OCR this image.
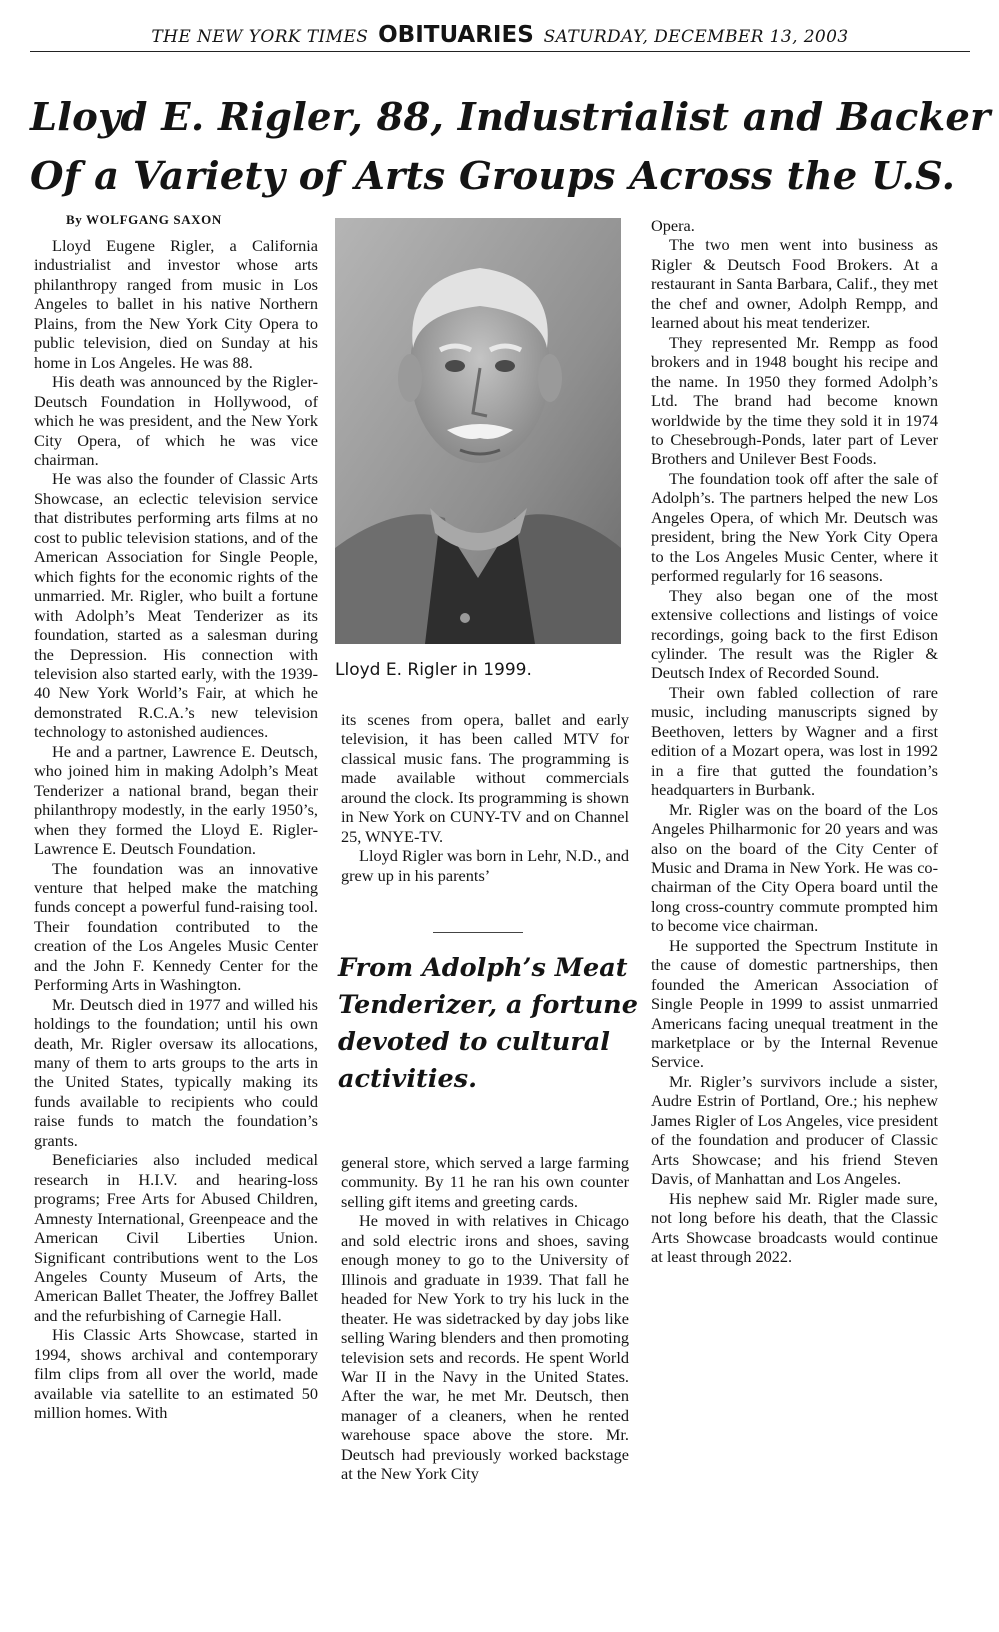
THE NEW YORK TIMES OBITUARIES SATURDAY, DECEMBER 13, 2003
Lloyd E. Rigler, 88, Industrialist and Backer
Of a Variety of Arts Groups Across the U.S.
By WOLFGANG SAXON

Lloyd Eugene Rigler, a California industrialist and investor whose arts philanthropy ranged from music in Los Angeles to ballet in his native Northern Plains, from the New York City Opera to public television, died on Sunday at his home in Los Angeles. He was 88.

His death was announced by the Rigler-Deutsch Foundation in Hollywood, of which he was president, and the New York City Opera, of which he was vice chairman.

He was also the founder of Classic Arts Showcase, an eclectic television service that distributes performing arts films at no cost to public television stations, and of the American Association for Single People, which fights for the economic rights of the unmarried. Mr. Rigler, who built a fortune with Adolph’s Meat Tenderizer as its foundation, started as a salesman during the Depression. His connection with television also started early, with the 1939-40 New York World’s Fair, at which he demonstrated R.C.A.’s new television technology to astonished audiences.

He and a partner, Lawrence E. Deutsch, who joined him in making Adolph’s Meat Tenderizer a national brand, began their philanthropy modestly, in the early 1950’s, when they formed the Lloyd E. Rigler-Lawrence E. Deutsch Foundation.

The foundation was an innovative venture that helped make the matching funds concept a powerful fund-raising tool. Their foundation contributed to the creation of the Los Angeles Music Center and the John F. Kennedy Center for the Performing Arts in Washington.

Mr. Deutsch died in 1977 and willed his holdings to the foundation; until his own death, Mr. Rigler oversaw its allocations, many of them to arts groups to the arts in the United States, typically making its funds available to recipients who could raise funds to match the foundation’s grants.

Beneficiaries also included medical research in H.I.V. and hearing-loss programs; Free Arts for Abused Children, Amnesty International, Greenpeace and the American Civil Liberties Union. Significant contributions went to the Los Angeles County Museum of Arts, the American Ballet Theater, the Joffrey Ballet and the refurbishing of Carnegie Hall.

His Classic Arts Showcase, started in 1994, shows archival and contemporary film clips from all over the world, made available via satellite to an estimated 50 million homes. With

Lloyd E. Rigler in 1999.

its scenes from opera, ballet and early television, it has been called MTV for classical music fans. The programming is made available without commercials around the clock. Its programming is shown in New York on CUNY-TV and on Channel 25, WNYE-TV.

Lloyd Rigler was born in Lehr, N.D., and grew up in his parents’

From Adolph’s Meat
Tenderizer, a fortune
devoted to cultural
activities.

general store, which served a large farming community. By 11 he ran his own counter selling gift items and greeting cards.

He moved in with relatives in Chicago and sold electric irons and shoes, saving enough money to go to the University of Illinois and graduate in 1939. That fall he headed for New York to try his luck in the theater. He was sidetracked by day jobs like selling Waring blenders and then promoting television sets and records. He spent World War II in the Navy in the United States. After the war, he met Mr. Deutsch, then manager of a cleaners, when he rented warehouse space above the store. Mr. Deutsch had previously worked backstage at the New York City

Opera.

The two men went into business as Rigler & Deutsch Food Brokers. At a restaurant in Santa Barbara, Calif., they met the chef and owner, Adolph Rempp, and learned about his meat tenderizer.

They represented Mr. Rempp as food brokers and in 1948 bought his recipe and the name. In 1950 they formed Adolph’s Ltd. The brand had become known worldwide by the time they sold it in 1974 to Chesebrough-Ponds, later part of Lever Brothers and Unilever Best Foods.

The foundation took off after the sale of Adolph’s. The partners helped the new Los Angeles Opera, of which Mr. Deutsch was president, bring the New York City Opera to the Los Angeles Music Center, where it performed regularly for 16 seasons.

They also began one of the most extensive collections and listings of voice recordings, going back to the first Edison cylinder. The result was the Rigler & Deutsch Index of Recorded Sound.

Their own fabled collection of rare music, including manuscripts signed by Beethoven, letters by Wagner and a first edition of a Mozart opera, was lost in 1992 in a fire that gutted the foundation’s headquarters in Burbank.

Mr. Rigler was on the board of the Los Angeles Philharmonic for 20 years and was also on the board of the City Center of Music and Drama in New York. He was co-chairman of the City Opera board until the long cross-country commute prompted him to become vice chairman.

He supported the Spectrum Institute in the cause of domestic partnerships, then founded the American Association of Single People in 1999 to assist unmarried Americans facing unequal treatment in the marketplace or by the Internal Revenue Service.

Mr. Rigler’s survivors include a sister, Audre Estrin of Portland, Ore.; his nephew James Rigler of Los Angeles, vice president of the foundation and producer of Classic Arts Showcase; and his friend Steven Davis, of Manhattan and Los Angeles.

His nephew said Mr. Rigler made sure, not long before his death, that the Classic Arts Showcase broadcasts would continue at least through 2022.
